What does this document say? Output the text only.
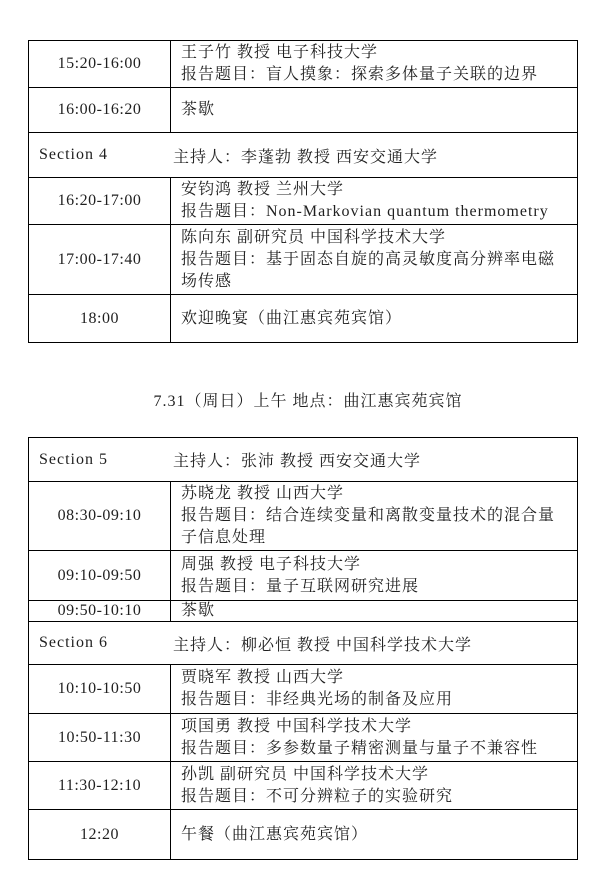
15:20-16:00	王子竹 教授 电子科技大学
报告题目：盲人摸象：探索多体量子关联的边界

16:00-16:20	茶歇

Section 4 主持人：李蓬勃 教授 西安交通大学	

16:20-17:00	安钧鸿 教授 兰州大学
报告题目：Non-Markovian quantum thermometry

17:00-17:40	陈向东 副研究员 中国科学技术大学
报告题目：基于固态自旋的高灵敏度高分辨率电磁
场传感

18:00	欢迎晚宴（曲江惠宾苑宾馆）
7.31（周日）上午 地点：曲江惠宾苑宾馆
Section 5 主持人：张沛 教授 西安交通大学	

08:30-09:10	苏晓龙 教授 山西大学
报告题目：结合连续变量和离散变量技术的混合量
子信息处理

09:10-09:50	周强 教授 电子科技大学
报告题目：量子互联网研究进展

09:50-10:10	茶歇

Section 6 主持人：柳必恒 教授 中国科学技术大学	

10:10-10:50	贾晓军 教授 山西大学
报告题目：非经典光场的制备及应用

10:50-11:30	项国勇 教授 中国科学技术大学
报告题目：多参数量子精密测量与量子不兼容性

11:30-12:10	孙凯 副研究员 中国科学技术大学
报告题目：不可分辨粒子的实验研究

12:20	午餐（曲江惠宾苑宾馆）
